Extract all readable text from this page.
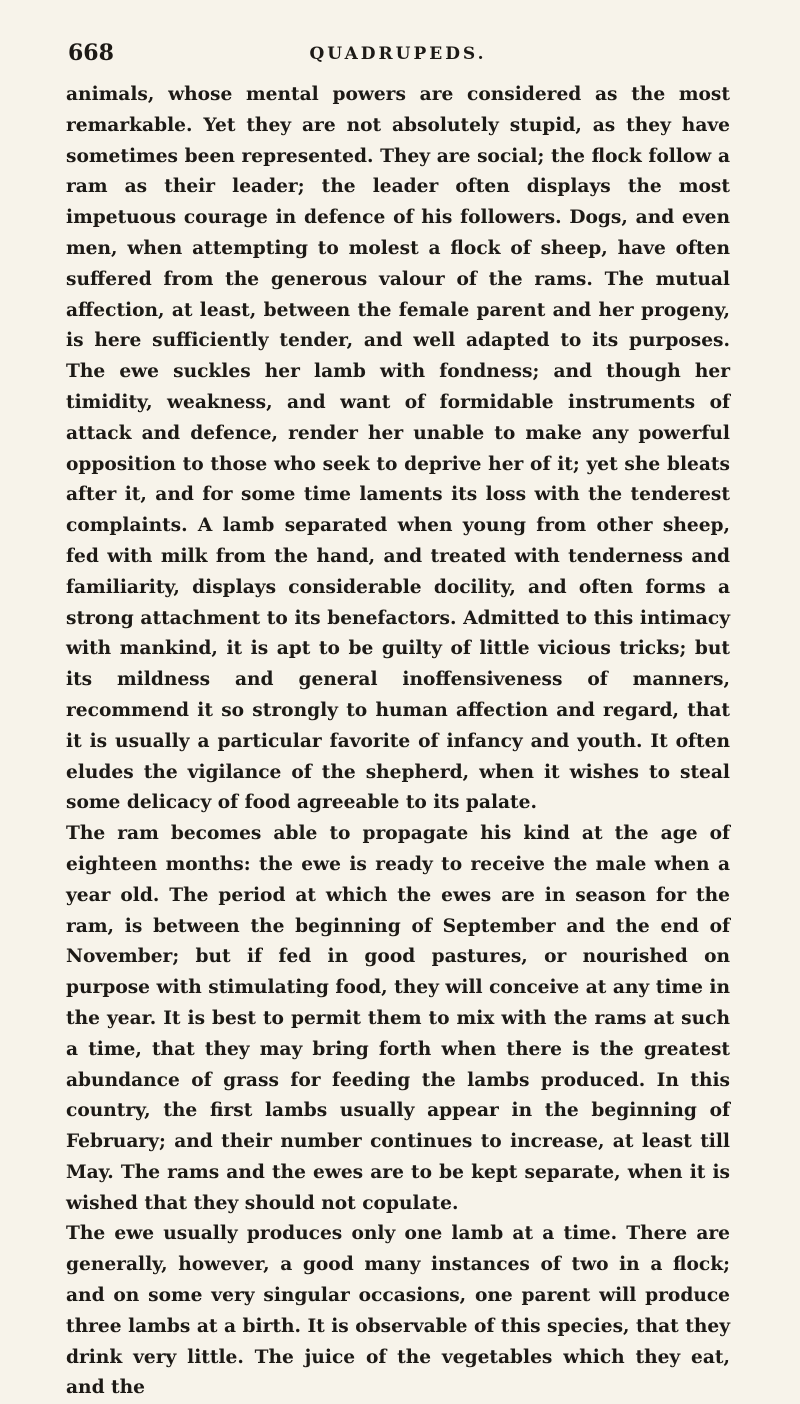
668	QUADRUPEDS.

animals, whose mental powers are considered as the most remarkable. Yet they are not absolutely stupid, as they have sometimes been represented. They are social; the flock follow a ram as their leader; the leader often displays the most impetuous courage in defence of his followers. Dogs, and even men, when attempting to molest a flock of sheep, have often suffered from the generous valour of the rams. The mutual affection, at least, between the female parent and her progeny, is here sufficiently tender, and well adapted to its purposes. The ewe suckles her lamb with fondness; and though her timidity, weakness, and want of formidable instruments of attack and defence, render her unable to make any powerful opposition to those who seek to deprive her of it; yet she bleats after it, and for some time laments its loss with the tenderest complaints. A lamb separated when young from other sheep, fed with milk from the hand, and treated with tenderness and familiarity, displays considerable docility, and often forms a strong attachment to its benefactors. Admitted to this intimacy with mankind, it is apt to be guilty of little vicious tricks; but its mildness and general inoffensiveness of manners, recommend it so strongly to human affection and regard, that it is usually a particular favorite of infancy and youth. It often eludes the vigilance of the shepherd, when it wishes to steal some delicacy of food agreeable to its palate.

The ram becomes able to propagate his kind at the age of eighteen months: the ewe is ready to receive the male when a year old. The period at which the ewes are in season for the ram, is between the beginning of September and the end of November; but if fed in good pastures, or nourished on purpose with stimulating food, they will conceive at any time in the year. It is best to permit them to mix with the rams at such a time, that they may bring forth when there is the greatest abundance of grass for feeding the lambs produced. In this country, the first lambs usually appear in the beginning of February; and their number continues to increase, at least till May. The rams and the ewes are to be kept separate, when it is wished that they should not copulate.

The ewe usually produces only one lamb at a time. There are generally, however, a good many instances of two in a flock; and on some very singular occasions, one parent will produce three lambs at a birth. It is observable of this species, that they drink very little. The juice of the vegetables which they eat, and the
